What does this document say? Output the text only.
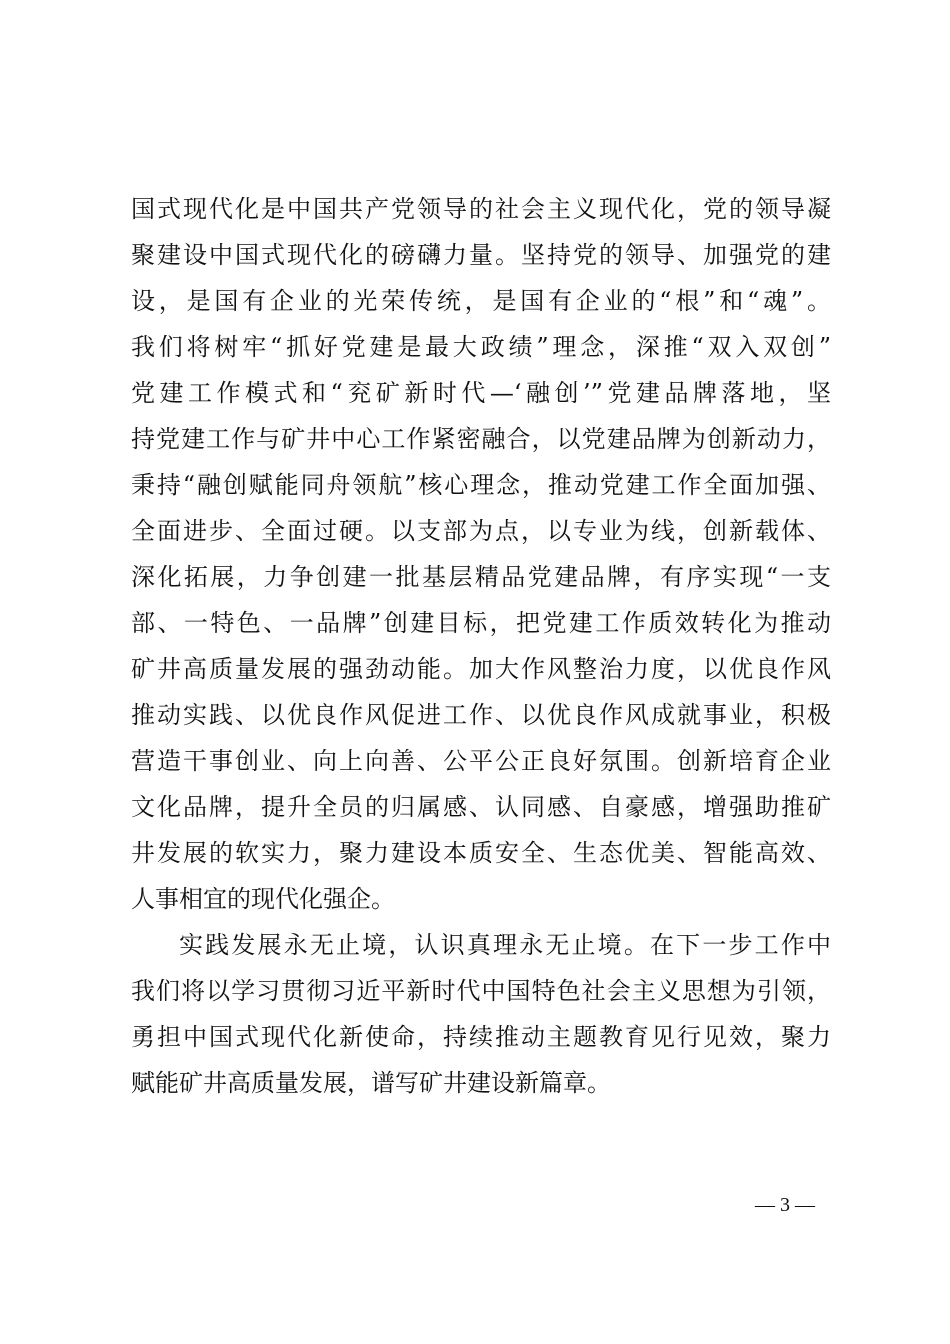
国式现代化是中国共产党领导的社会主义现代化，党的领导凝
聚建设中国式现代化的磅礴力量。坚持党的领导、加强党的建
设，是国有企业的光荣传统，是国有企业的“根”和“魂”。
我们将树牢“抓好党建是最大政绩”理念，深推“双入双创”
党建工作模式和“兖矿新时代—‘融创’”党建品牌落地，坚
持党建工作与矿井中心工作紧密融合，以党建品牌为创新动力，
秉持“融创赋能同舟领航”核心理念，推动党建工作全面加强、
全面进步、全面过硬。以支部为点，以专业为线，创新载体、
深化拓展，力争创建一批基层精品党建品牌，有序实现“一支
部、一特色、一品牌”创建目标，把党建工作质效转化为推动
矿井高质量发展的强劲动能。加大作风整治力度，以优良作风
推动实践、以优良作风促进工作、以优良作风成就事业，积极
营造干事创业、向上向善、公平公正良好氛围。创新培育企业
文化品牌，提升全员的归属感、认同感、自豪感，增强助推矿
井发展的软实力，聚力建设本质安全、生态优美、智能高效、
人事相宜的现代化强企。
实践发展永无止境，认识真理永无止境。在下一步工作中
我们将以学习贯彻习近平新时代中国特色社会主义思想为引领，
勇担中国式现代化新使命，持续推动主题教育见行见效，聚力
赋能矿井高质量发展，谱写矿井建设新篇章。
— 3 —
